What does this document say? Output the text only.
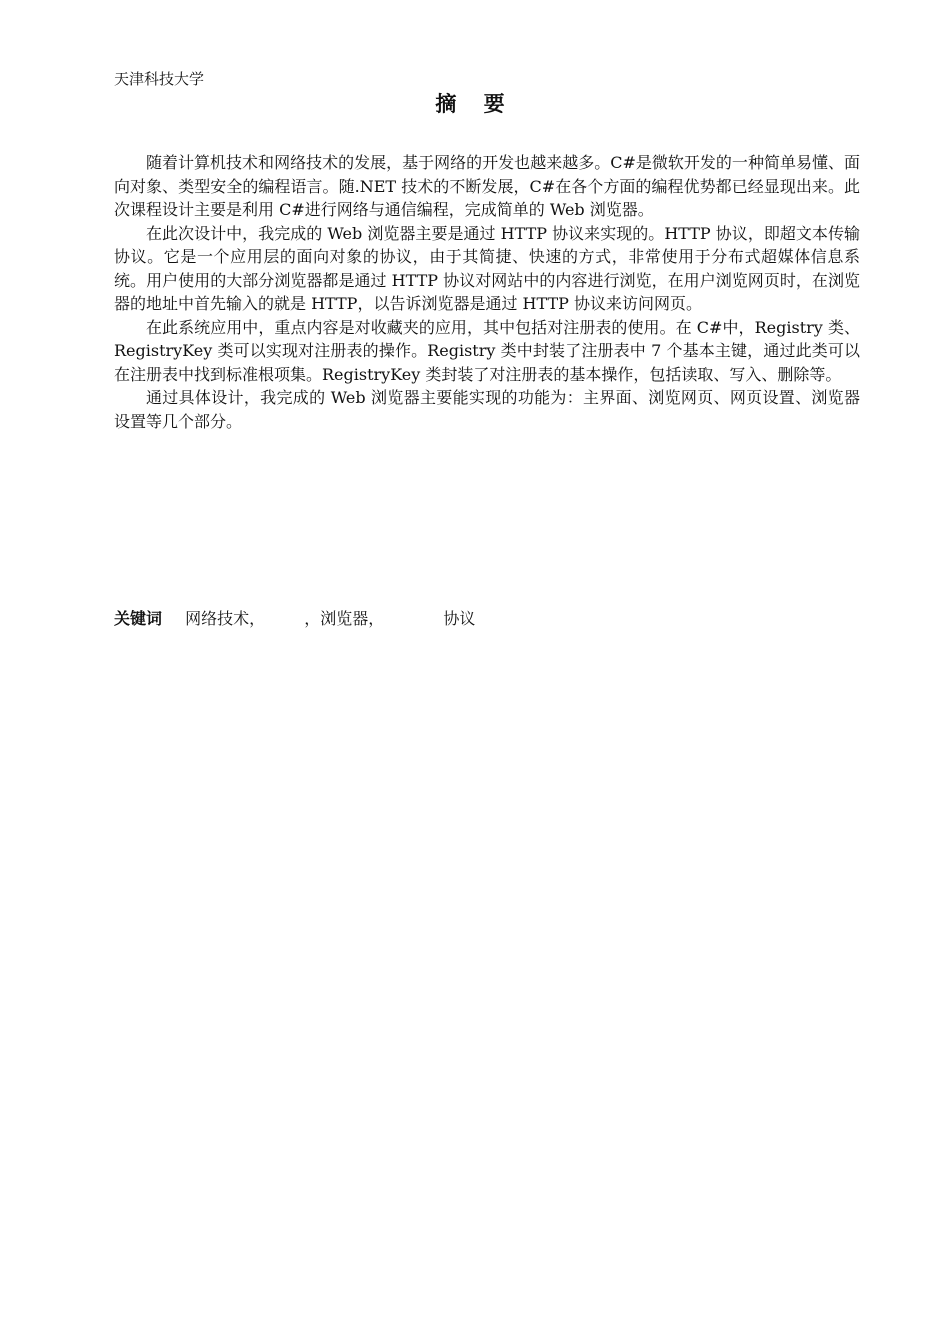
天津科技大学
摘 要

随着计算机技术和网络技术的发展，基于网络的开发也越来越多。C#是微软开发的一种简单易懂、面向对象、类型安全的编程语言。随.NET 技术的不断发展，C#在各个方面的编程优势都已经显现出来。此次课程设计主要是利用 C#进行网络与通信编程，完成简单的 Web 浏览器。

在此次设计中，我完成的 Web 浏览器主要是通过 HTTP 协议来实现的。HTTP 协议，即超文本传输协议。它是一个应用层的面向对象的协议，由于其简捷、快速的方式，非常使用于分布式超媒体信息系统。用户使用的大部分浏览器都是通过 HTTP 协议对网站中的内容进行浏览，在用户浏览网页时，在浏览器的地址中首先输入的就是 HTTP，以告诉浏览器是通过 HTTP 协议来访问网页。

在此系统应用中，重点内容是对收藏夹的应用，其中包括对注册表的使用。在 C#中，Registry 类、RegistryKey 类可以实现对注册表的操作。Registry 类中封装了注册表中 7 个基本主键，通过此类可以在注册表中找到标准根项集。RegistryKey 类封装了对注册表的基本操作，包括读取、写入、删除等。

通过具体设计，我完成的 Web 浏览器主要能实现的功能为：主界面、浏览网页、网页设置、浏览器设置等几个部分。

关键词 网络技术， ，浏览器，	协议
